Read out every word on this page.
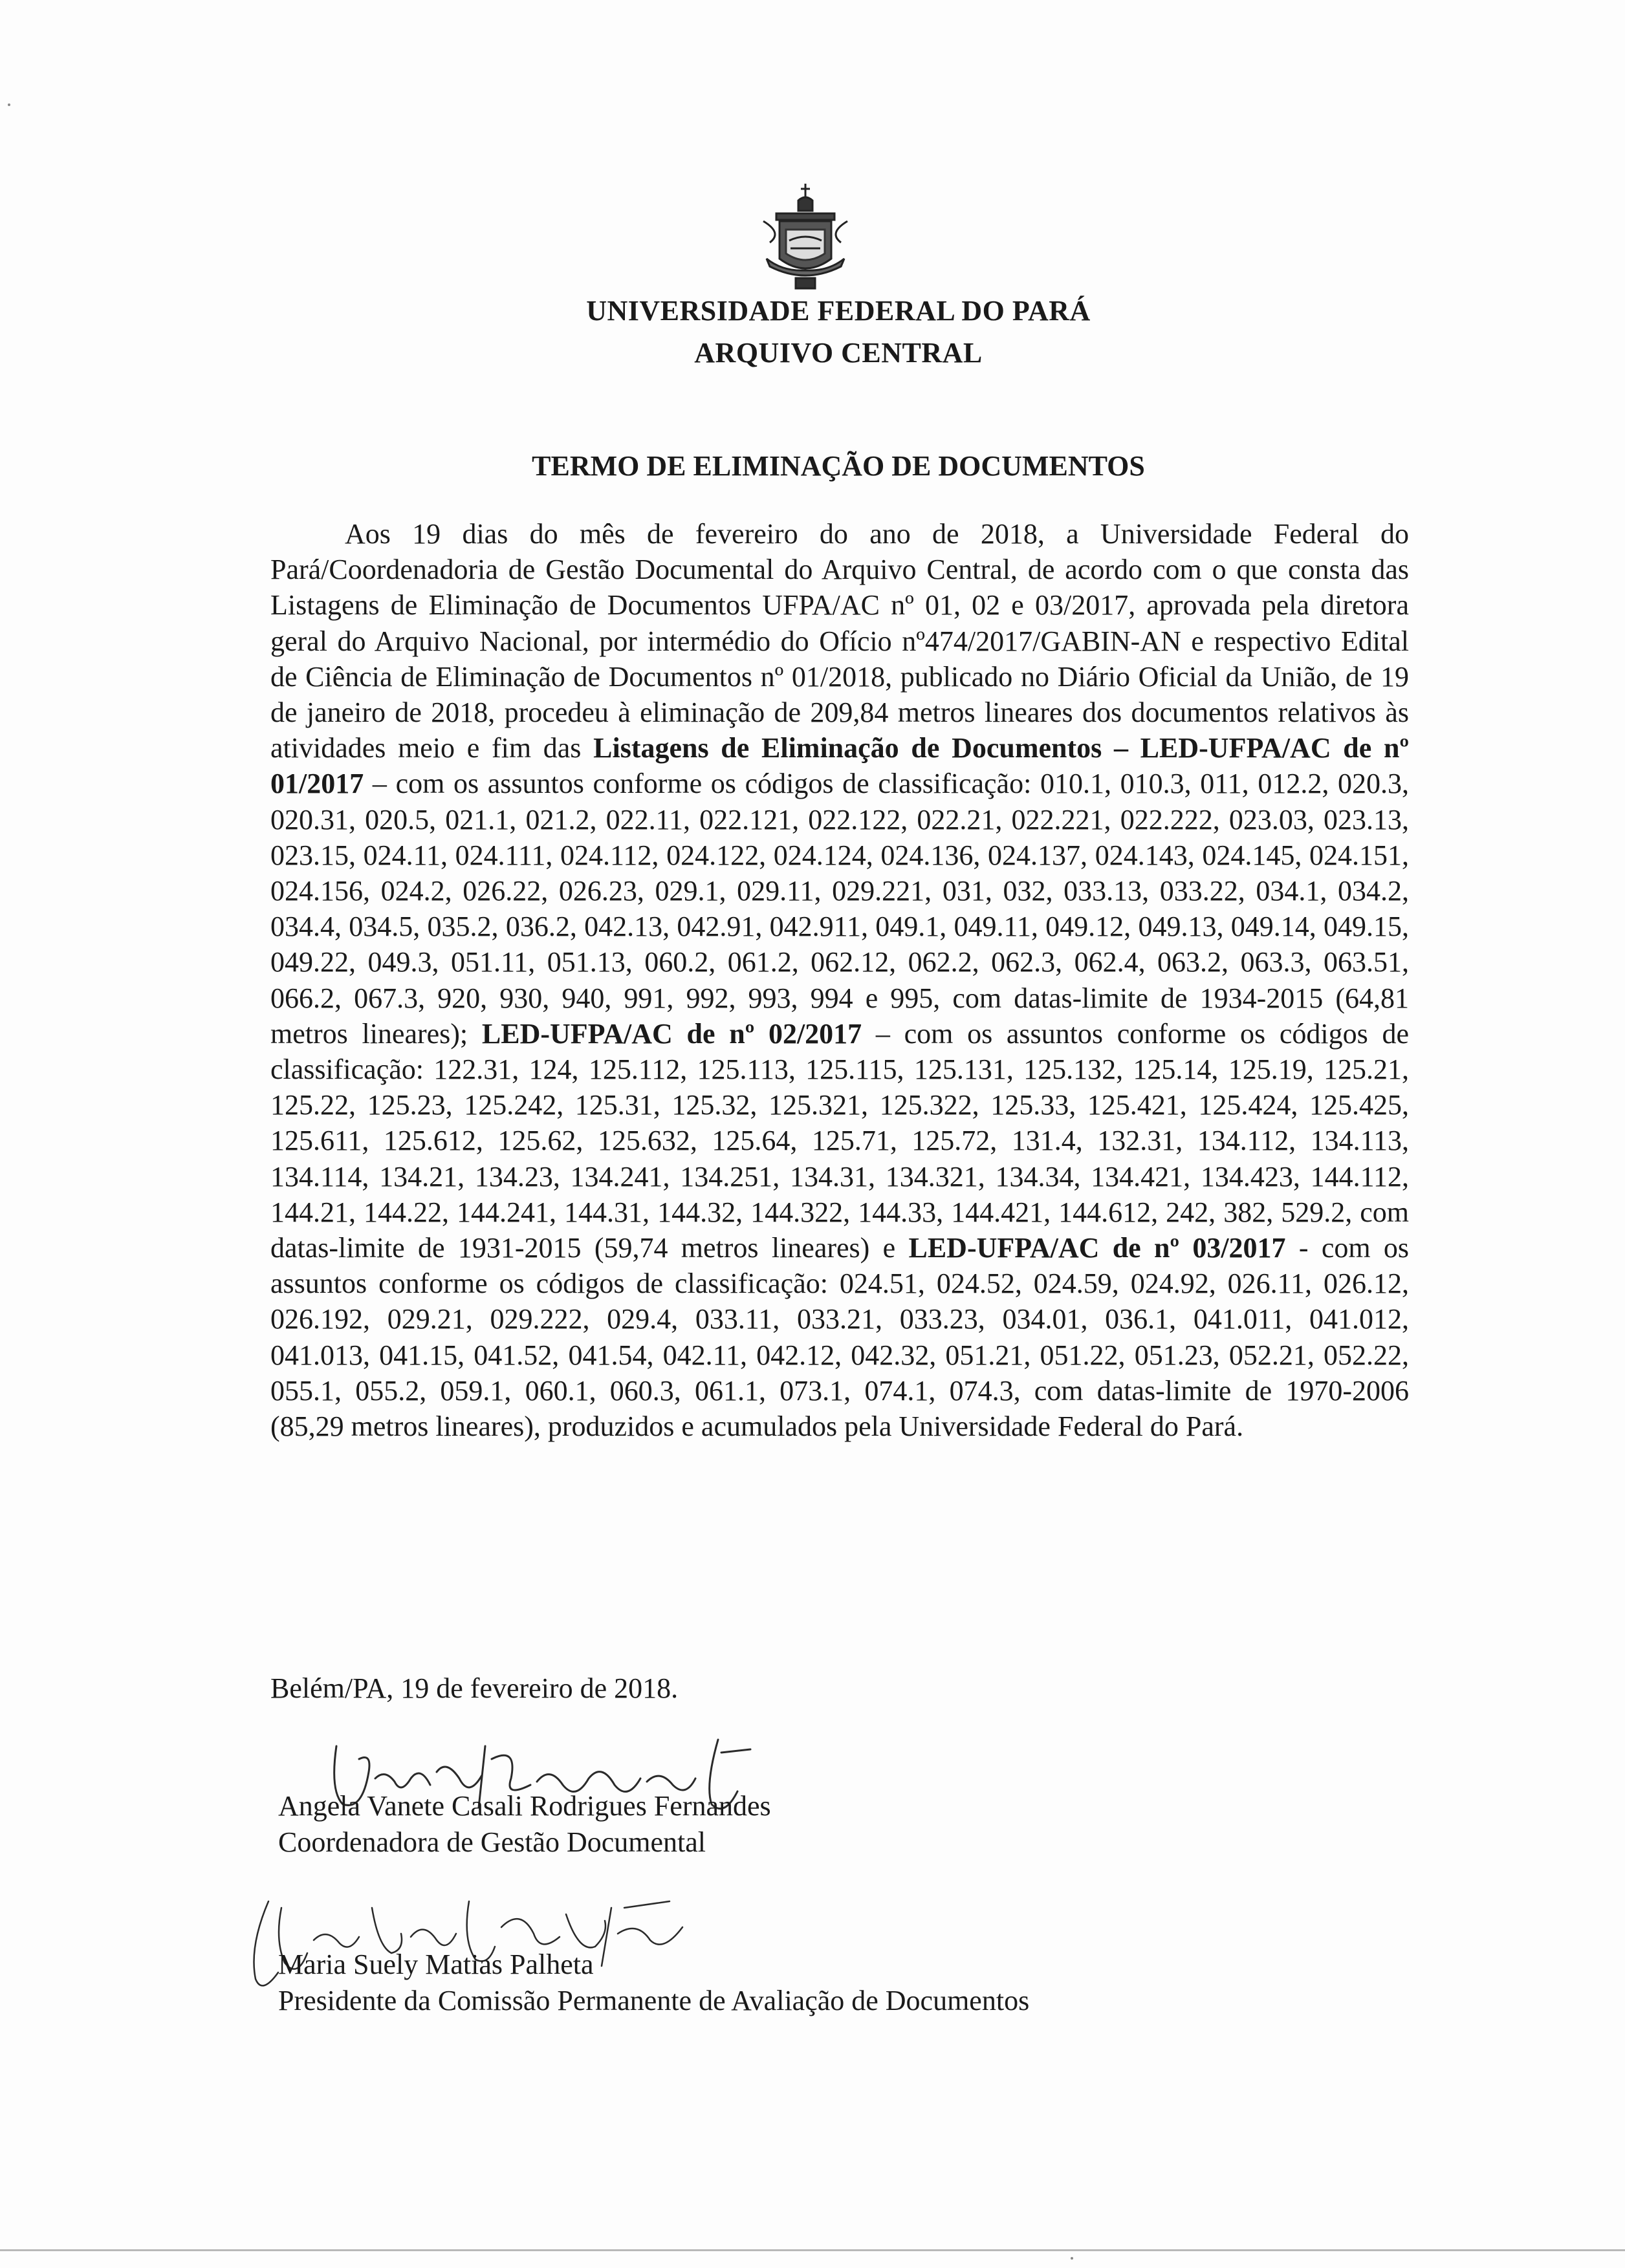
UNIVERSIDADE FEDERAL DO PARÁ
ARQUIVO CENTRAL
TERMO DE ELIMINAÇÃO DE DOCUMENTOS

Aos 19 dias do mês de fevereiro do ano de 2018, a Universidade Federal do Pará/Coordenadoria de Gestão Documental do Arquivo Central, de acordo com o que consta das Listagens de Eliminação de Documentos UFPA/AC nº 01, 02 e 03/2017, aprovada pela diretora geral do Arquivo Nacional, por intermédio do Ofício nº474/2017/GABIN-AN e respectivo Edital de Ciência de Eliminação de Documentos nº 01/2018, publicado no Diário Oficial da União, de 19 de janeiro de 2018, procedeu à eliminação de 209,84 metros lineares dos documentos relativos às atividades meio e fim das Listagens de Eliminação de Documentos – LED-UFPA/AC de nº 01/2017 – com os assuntos conforme os códigos de classificação: 010.1, 010.3, 011, 012.2, 020.3, 020.31, 020.5, 021.1, 021.2, 022.11, 022.121, 022.122, 022.21, 022.221, 022.222, 023.03, 023.13, 023.15, 024.11, 024.111, 024.112, 024.122, 024.124, 024.136, 024.137, 024.143, 024.145, 024.151, 024.156, 024.2, 026.22, 026.23, 029.1, 029.11, 029.221, 031, 032, 033.13, 033.22, 034.1, 034.2, 034.4, 034.5, 035.2, 036.2, 042.13, 042.91, 042.911, 049.1, 049.11, 049.12, 049.13, 049.14, 049.15, 049.22, 049.3, 051.11, 051.13, 060.2, 061.2, 062.12, 062.2, 062.3, 062.4, 063.2, 063.3, 063.51, 066.2, 067.3, 920, 930, 940, 991, 992, 993, 994 e 995, com datas-limite de 1934-2015 (64,81 metros lineares); LED-UFPA/AC de nº 02/2017 – com os assuntos conforme os códigos de classificação: 122.31, 124, 125.112, 125.113, 125.115, 125.131, 125.132, 125.14, 125.19, 125.21, 125.22, 125.23, 125.242, 125.31, 125.32, 125.321, 125.322, 125.33, 125.421, 125.424, 125.425, 125.611, 125.612, 125.62, 125.632, 125.64, 125.71, 125.72, 131.4, 132.31, 134.112, 134.113, 134.114, 134.21, 134.23, 134.241, 134.251, 134.31, 134.321, 134.34, 134.421, 134.423, 144.112, 144.21, 144.22, 144.241, 144.31, 144.32, 144.322, 144.33, 144.421, 144.612, 242, 382, 529.2, com datas-limite de 1931-2015 (59,74 metros lineares) e LED-UFPA/AC de nº 03/2017 - com os assuntos conforme os códigos de classificação: 024.51, 024.52, 024.59, 024.92, 026.11, 026.12, 026.192, 029.21, 029.222, 029.4, 033.11, 033.21, 033.23, 034.01, 036.1, 041.011, 041.012, 041.013, 041.15, 041.52, 041.54, 042.11, 042.12, 042.32, 051.21, 051.22, 051.23, 052.21, 052.22, 055.1, 055.2, 059.1, 060.1, 060.3, 061.1, 073.1, 074.1, 074.3, com datas-limite de 1970-2006 (85,29 metros lineares), produzidos e acumulados pela Universidade Federal do Pará.

Belém/PA, 19 de fevereiro de 2018.
Angela Vanete Casali Rodrigues Fernandes
Coordenadora de Gestão Documental
Maria Suely Matias Palheta
Presidente da Comissão Permanente de Avaliação de Documentos
